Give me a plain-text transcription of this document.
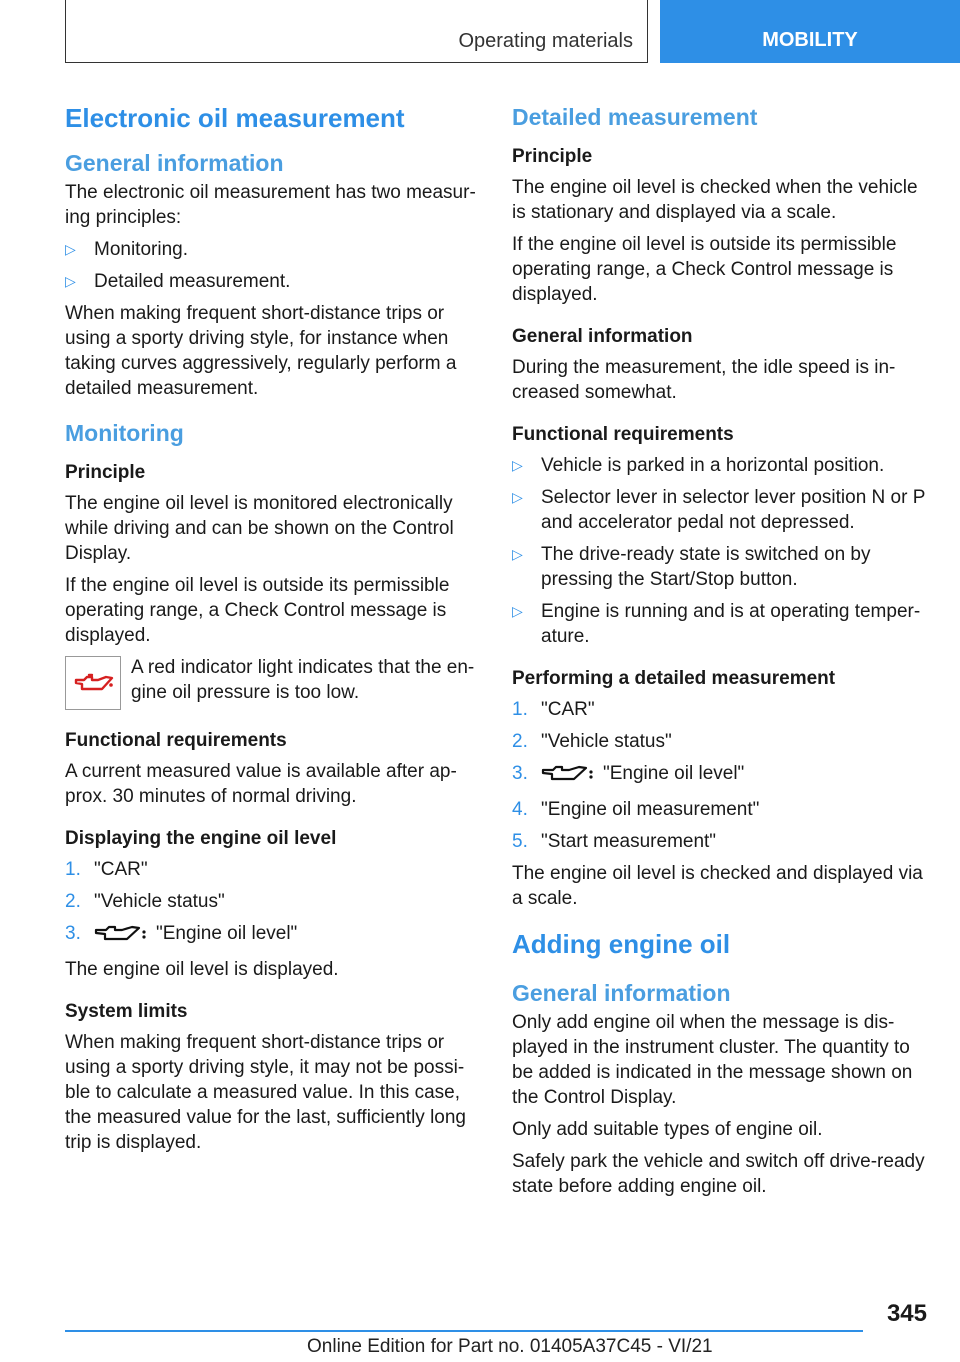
Operating materials	MOBILITY
Electronic oil measurement
General information

The electronic oil measurement has two measur-ing principles:

▷ Monitoring.
▷ Detailed measurement.

When making frequent short-distance trips or using a sporty driving style, for instance when taking curves aggressively, regularly perform a detailed measurement.

Monitoring
Principle

The engine oil level is monitored electronically while driving and can be shown on the Control Display.

If the engine oil level is outside its permissible operating range, a Check Control message is displayed.

A red indicator light indicates that the en-gine oil pressure is too low.
Functional requirements

A current measured value is available after ap-prox. 30 minutes of normal driving.

Displaying the engine oil level
1. "CAR"
2. "Vehicle status"
3.	"Engine oil level"

The engine oil level is displayed.

System limits

When making frequent short-distance trips or using a sporty driving style, it may not be possi-ble to calculate a measured value. In this case, the measured value for the last, sufficiently long trip is displayed.

Detailed measurement
Principle

The engine oil level is checked when the vehicle is stationary and displayed via a scale.

If the engine oil level is outside its permissible operating range, a Check Control message is displayed.

General information

During the measurement, the idle speed is in-creased somewhat.

Functional requirements
▷ Vehicle is parked in a horizontal position.
▷ Selector lever in selector lever position N or P and accelerator pedal not depressed.
▷ The drive-ready state is switched on by pressing the Start/Stop button.
▷ Engine is running and is at operating temper-ature.
Performing a detailed measurement
1. "CAR"
2. "Vehicle status"
3.	"Engine oil level"
4. "Engine oil measurement"
5. "Start measurement"

The engine oil level is checked and displayed via a scale.

Adding engine oil
General information

Only add engine oil when the message is dis-played in the instrument cluster. The quantity to be added is indicated in the message shown on the Control Display.

Only add suitable types of engine oil.

Safely park the vehicle and switch off drive-ready state before adding engine oil.

345
Online Edition for Part no. 01405A37C45 - VI/21
